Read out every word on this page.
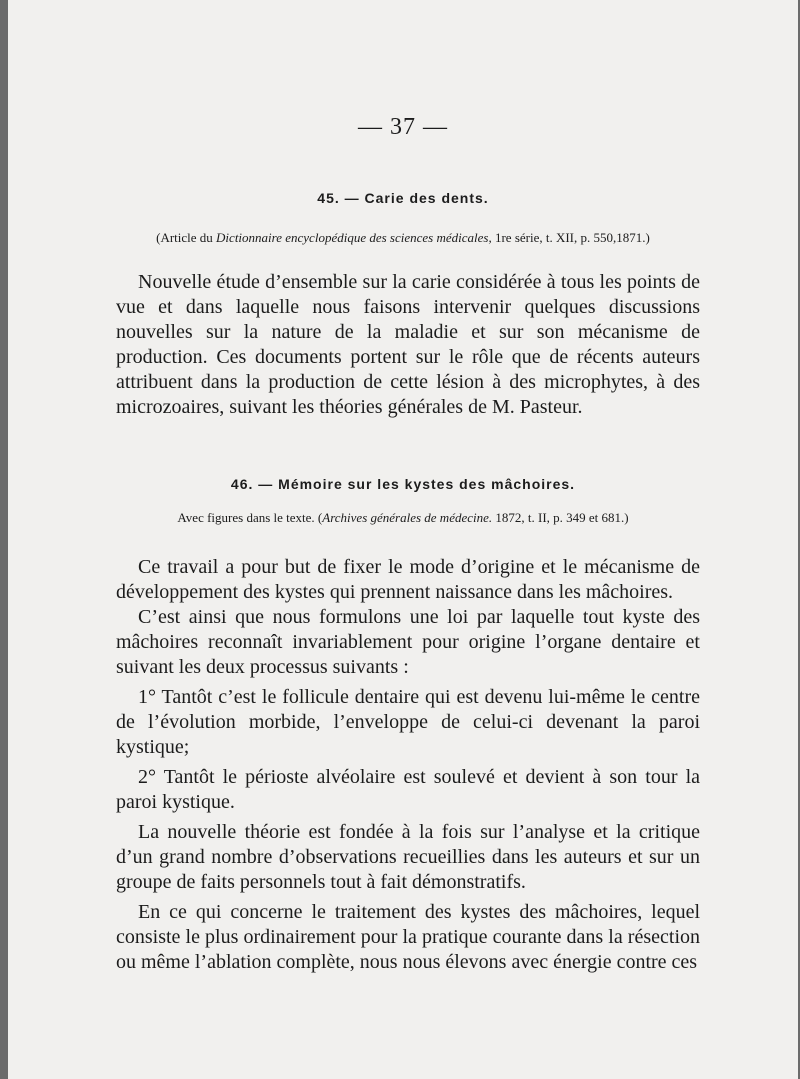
— 37 —
45. — Carie des dents.
(Article du Dictionnaire encyclopédique des sciences médicales, 1re série, t. XII, p. 550,1871.)

Nouvelle étude d’ensemble sur la carie considérée à tous les points de vue et dans laquelle nous faisons intervenir quelques discussions nouvelles sur la nature de la maladie et sur son mécanisme de production. Ces documents portent sur le rôle que de récents auteurs attribuent dans la production de cette lésion à des microphytes, à des microzoaires, suivant les théories générales de M. Pasteur.

46. — Mémoire sur les kystes des mâchoires.
Avec figures dans le texte. (Archives générales de médecine. 1872, t. II, p. 349 et 681.)

Ce travail a pour but de fixer le mode d’origine et le mécanisme de développement des kystes qui prennent naissance dans les mâchoires.

C’est ainsi que nous formulons une loi par laquelle tout kyste des mâchoires reconnaît invariablement pour origine l’organe dentaire et suivant les deux processus suivants :

1° Tantôt c’est le follicule dentaire qui est devenu lui-même le centre de l’évolution morbide, l’enveloppe de celui-ci devenant la paroi kystique;

2° Tantôt le périoste alvéolaire est soulevé et devient à son tour la paroi kystique.

La nouvelle théorie est fondée à la fois sur l’analyse et la critique d’un grand nombre d’observations recueillies dans les auteurs et sur un groupe de faits personnels tout à fait démonstratifs.

En ce qui concerne le traitement des kystes des mâchoires, lequel consiste le plus ordinairement pour la pratique courante dans la résection ou même l’ablation complète, nous nous élevons avec énergie contre ces
